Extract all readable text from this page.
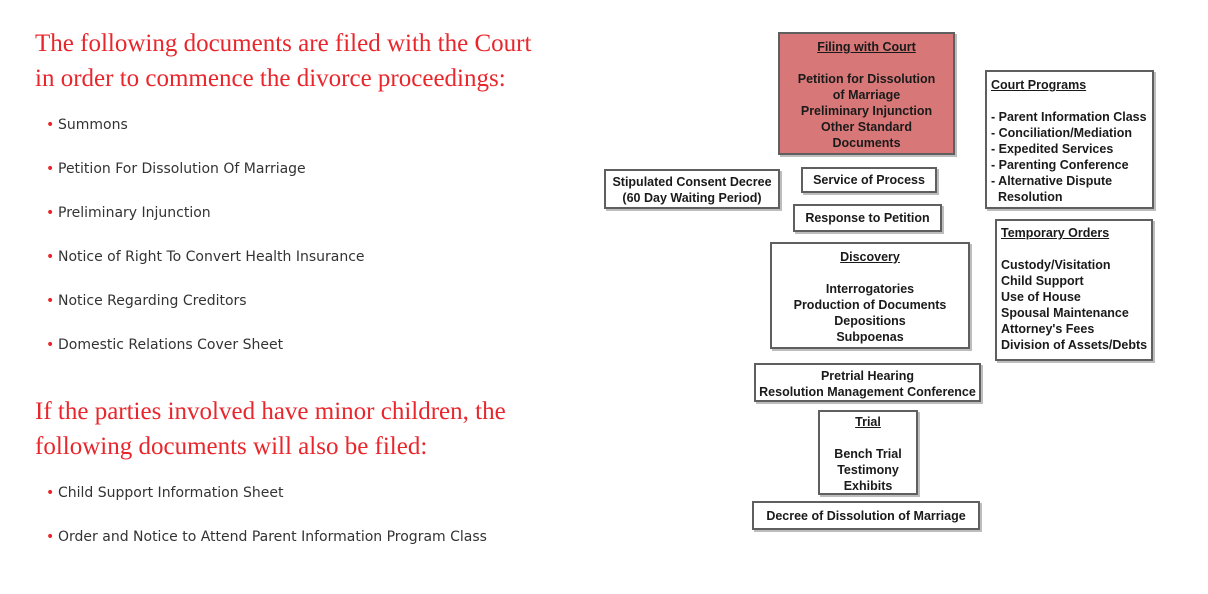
The following documents are filed with the Court
in order to commence the divorce proceedings:
• Summons
• Petition For Dissolution Of Marriage
• Preliminary Injunction
• Notice of Right To Convert Health Insurance
• Notice Regarding Creditors
• Domestic Relations Cover Sheet
If the parties involved have minor children, the
following documents will also be filed:
• Child Support Information Sheet
• Order and Notice to Attend Parent Information Program Class
Filing with Court
Petition for Dissolution
of Marriage
Preliminary Injunction
Other Standard
Documents
Court Programs
- Parent Information Class
- Conciliation/Mediation
- Expedited Services
- Parenting Conference
- Alternative Dispute
Resolution
Stipulated Consent Decree
(60 Day Waiting Period)
Service of Process
Response to Petition
Temporary Orders
Custody/Visitation
Child Support
Use of House
Spousal Maintenance
Attorney's Fees
Division of Assets/Debts
Discovery
Interrogatories
Production of Documents
Depositions
Subpoenas
Pretrial Hearing
Resolution Management Conference
Trial
Bench Trial
Testimony
Exhibits
Decree of Dissolution of Marriage
